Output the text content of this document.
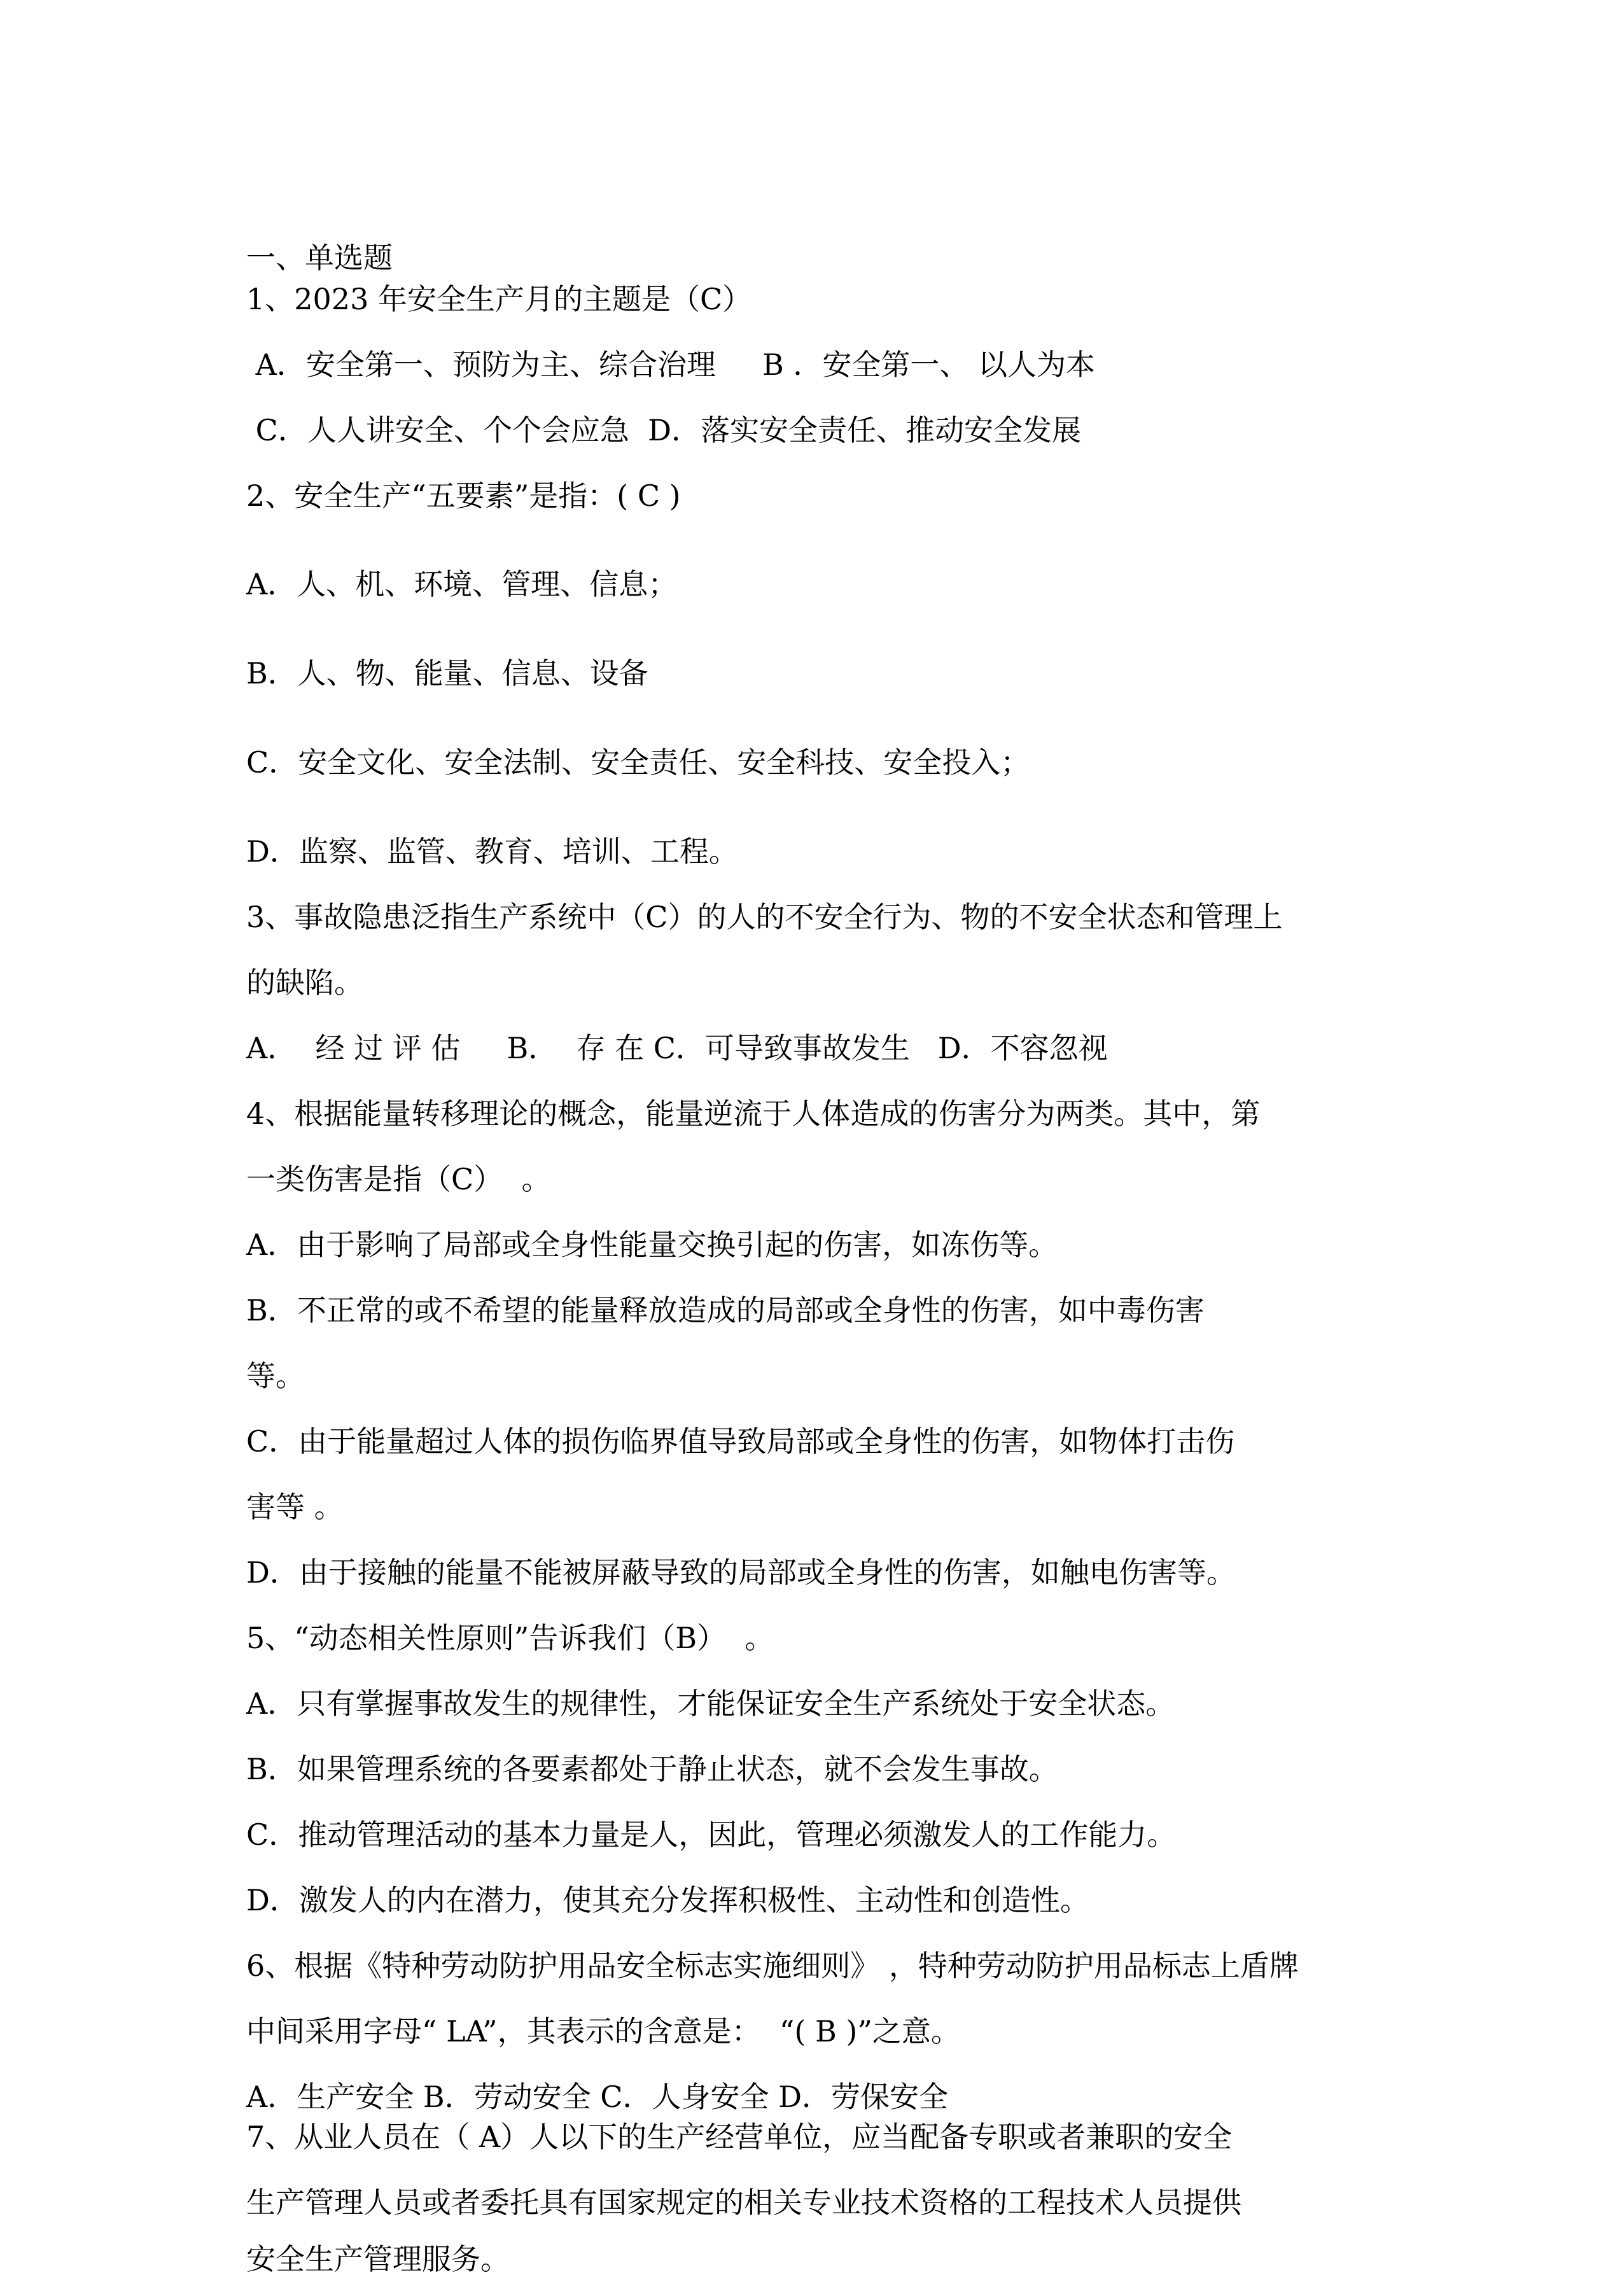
一、单选题
1、2023 年安全生产月的主题是（C）
A．安全第一、预防为主、综合治理     B ．安全第一、 以人为本
C．人人讲安全、个个会应急  D．落实安全责任、推动安全发展
2、安全生产“五要素”是指：( C )
A．人、机、环境、管理、信息；
B．人、物、能量、信息、设备
C．安全文化、安全法制、安全责任、安全科技、安全投入；
D．监察、监管、教育、培训、工程。
3、事故隐患泛指生产系统中（C）的人的不安全行为、物的不安全状态和管理上
的缺陷。
A．  经 过 评 估     B．  存 在 C．可导致事故发生   D．不容忽视
4、根据能量转移理论的概念，能量逆流于人体造成的伤害分为两类。其中，第
一类伤害是指（C）  。
A．由于影响了局部或全身性能量交换引起的伤害，如冻伤等。
B．不正常的或不希望的能量释放造成的局部或全身性的伤害，如中毒伤害
等。
C．由于能量超过人体的损伤临界值导致局部或全身性的伤害，如物体打击伤
害等 。
D．由于接触的能量不能被屏蔽导致的局部或全身性的伤害，如触电伤害等。
5、“动态相关性原则”告诉我们（B）  。
A．只有掌握事故发生的规律性，才能保证安全生产系统处于安全状态。
B．如果管理系统的各要素都处于静止状态，就不会发生事故。
C．推动管理活动的基本力量是人，因此，管理必须激发人的工作能力。
D．激发人的内在潜力，使其充分发挥积极性、主动性和创造性。
6、根据《特种劳动防护用品安全标志实施细则》 ，特种劳动防护用品标志上盾牌
中间采用字母“ LA”，其表示的含意是：  “( B )”之意。
A．生产安全 B．劳动安全 C．人身安全 D．劳保安全
7、从业人员在（ A）人以下的生产经营单位，应当配备专职或者兼职的安全
生产管理人员或者委托具有国家规定的相关专业技术资格的工程技术人员提供
安全生产管理服务。
